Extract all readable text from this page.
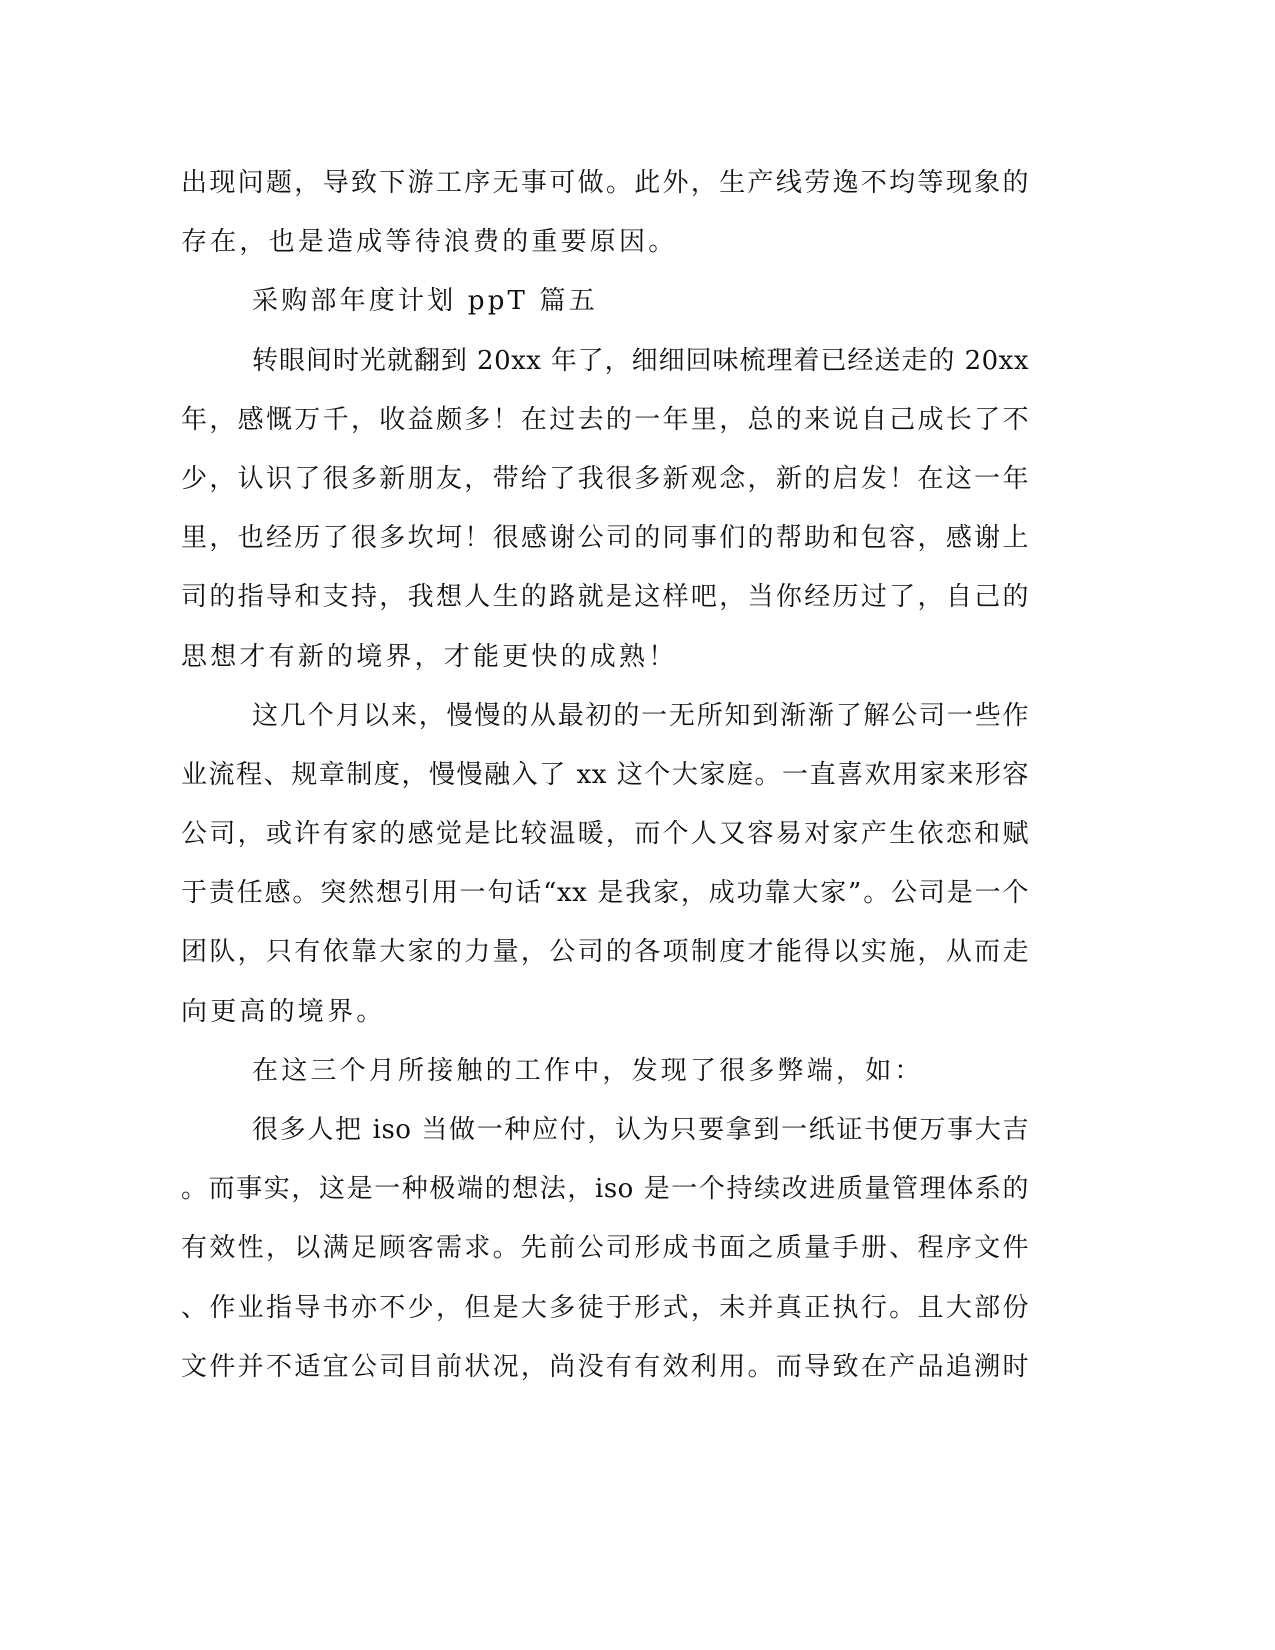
出现问题，导致下游工序无事可做。此外，生产线劳逸不均等现象的
存在，也是造成等待浪费的重要原因。
采购部年度计划 ppT 篇五
转眼间时光就翻到 20xx 年了，细细回味梳理着已经送走的 20xx
年，感慨万千，收益颇多！在过去的一年里，总的来说自己成长了不
少，认识了很多新朋友，带给了我很多新观念，新的启发！在这一年
里，也经历了很多坎坷！很感谢公司的同事们的帮助和包容，感谢上
司的指导和支持，我想人生的路就是这样吧，当你经历过了，自己的
思想才有新的境界，才能更快的成熟！
这几个月以来，慢慢的从最初的一无所知到渐渐了解公司一些作
业流程、规章制度，慢慢融入了 xx 这个大家庭。一直喜欢用家来形容
公司，或许有家的感觉是比较温暖，而个人又容易对家产生依恋和赋
于责任感。突然想引用一句话“xx 是我家，成功靠大家”。公司是一个
团队，只有依靠大家的力量，公司的各项制度才能得以实施，从而走
向更高的境界。
在这三个月所接触的工作中，发现了很多弊端，如：
很多人把 iso 当做一种应付，认为只要拿到一纸证书便万事大吉
。而事实，这是一种极端的想法，iso 是一个持续改进质量管理体系的
有效性，以满足顾客需求。先前公司形成书面之质量手册、程序文件
、作业指导书亦不少，但是大多徒于形式，未并真正执行。且大部份
文件并不适宜公司目前状况，尚没有有效利用。而导致在产品追溯时
